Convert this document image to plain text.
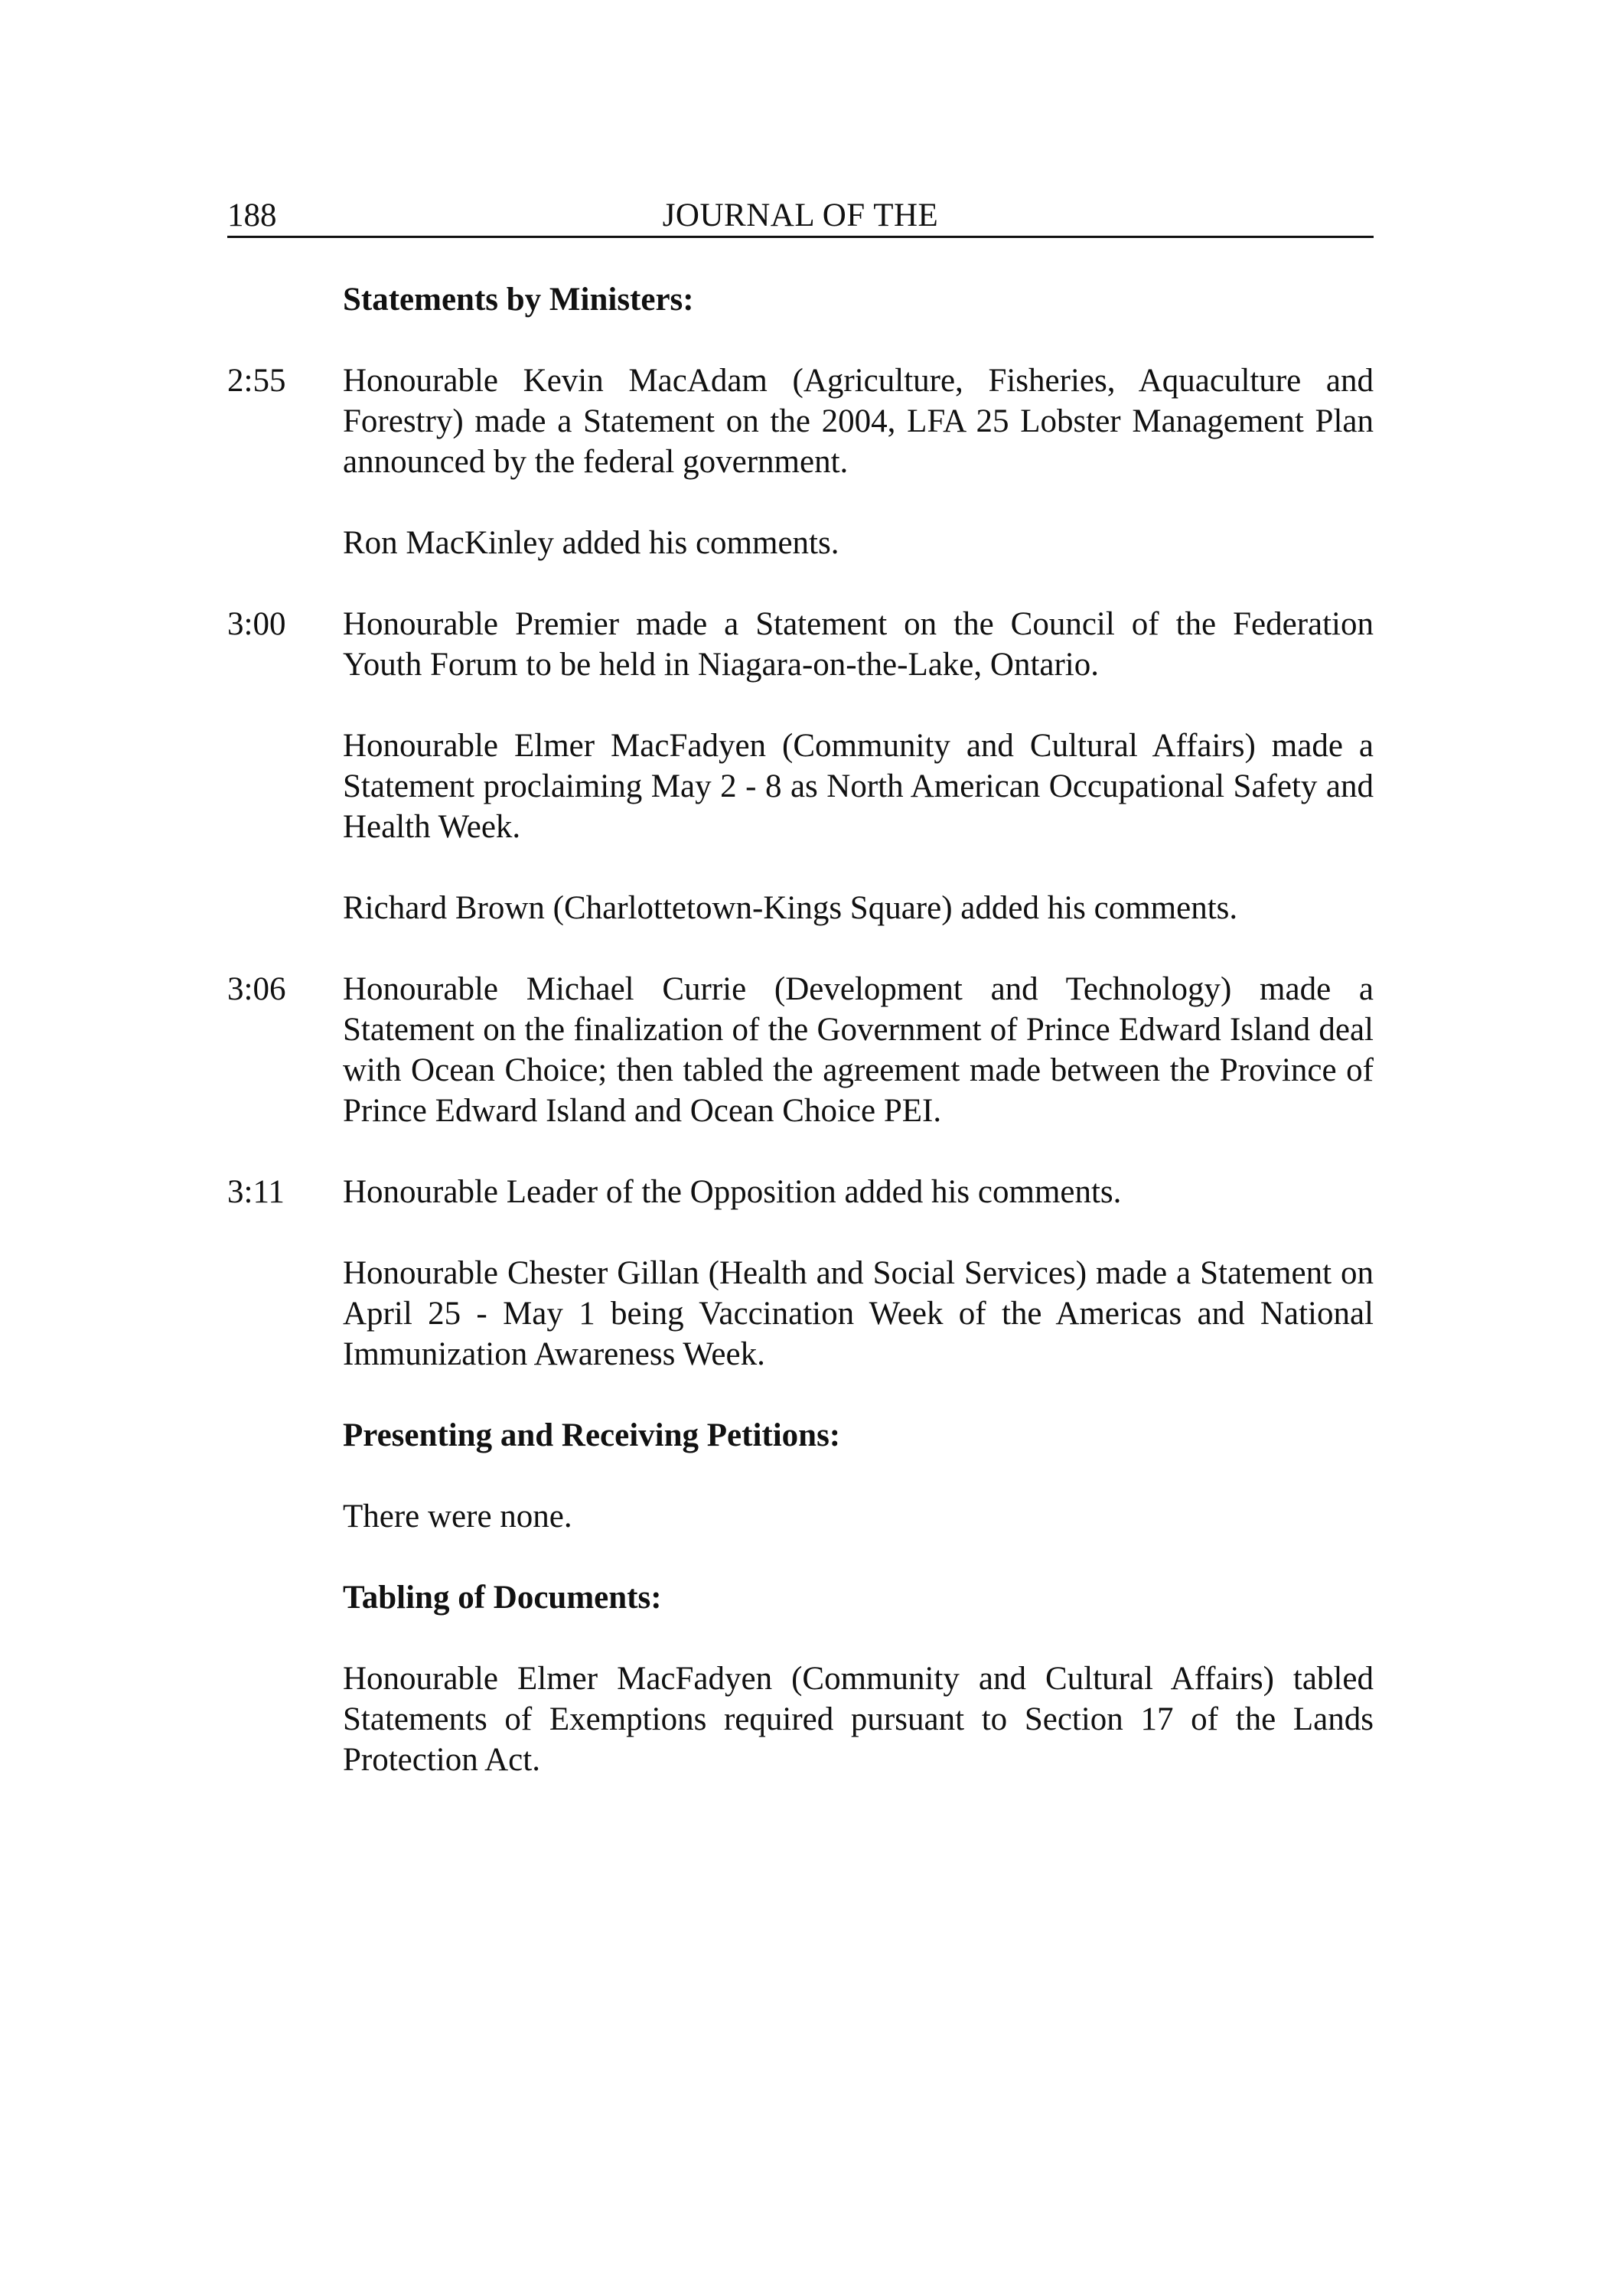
188	JOURNAL OF THE
Statements by Ministers:
2:55 Honourable Kevin MacAdam (Agriculture, Fisheries, Aquaculture and Forestry) made a Statement on the 2004, LFA 25 Lobster Management Plan announced by the federal government.
Ron MacKinley added his comments.
3:00 Honourable Premier made a Statement on the Council of the Federation Youth Forum to be held in Niagara-on-the-Lake, Ontario.
Honourable Elmer MacFadyen (Community and Cultural Affairs) made a Statement proclaiming May 2 - 8 as North American Occupational Safety and Health Week.
Richard Brown (Charlottetown-Kings Square) added his comments.
3:06 Honourable Michael Currie (Development and Technology) made a Statement on the finalization of the Government of Prince Edward Island deal with Ocean Choice; then tabled the agreement made between the Province of Prince Edward Island and Ocean Choice PEI.
3:11 Honourable Leader of the Opposition added his comments.
Honourable Chester Gillan (Health and Social Services) made a Statement on April 25 - May 1 being Vaccination Week of the Americas and National Immunization Awareness Week.
Presenting and Receiving Petitions:
There were none.
Tabling of Documents:
Honourable Elmer MacFadyen (Community and Cultural Affairs) tabled Statements of Exemptions required pursuant to Section 17 of the Lands Protection Act.
